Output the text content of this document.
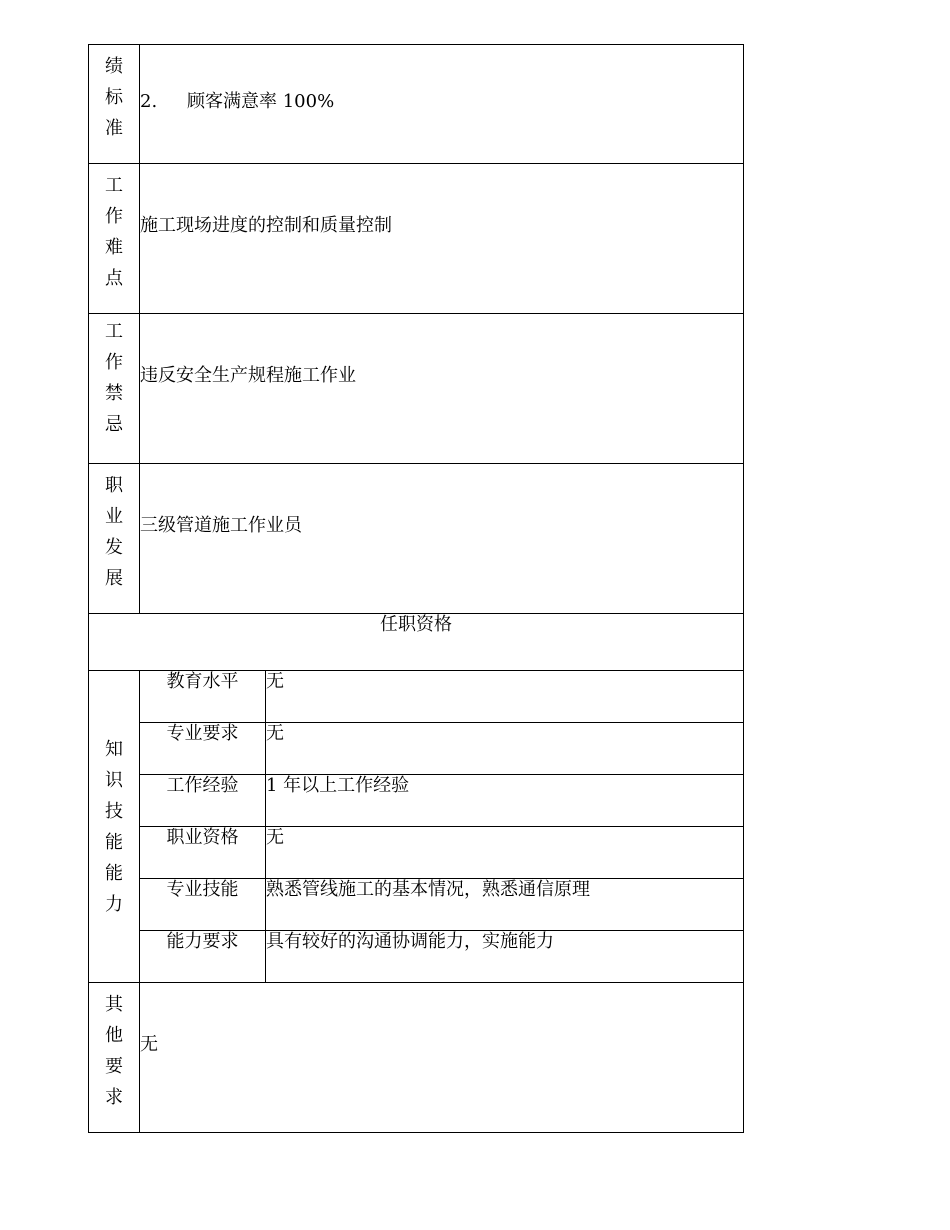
绩标准	2. 顾客满意率 100%	

工作难点	施工现场进度的控制和质量控制	

工作禁忌	违反安全生产规程施工作业	

职业发展	三级管道施工作业员	

任职资格		

知识技能能力	教育水平	无
	专业要求	无
	工作经验	1 年以上工作经验
	职业资格	无
	专业技能	熟悉管线施工的基本情况，熟悉通信原理
	能力要求	具有较好的沟通协调能力，实施能力

其他要求	无	
